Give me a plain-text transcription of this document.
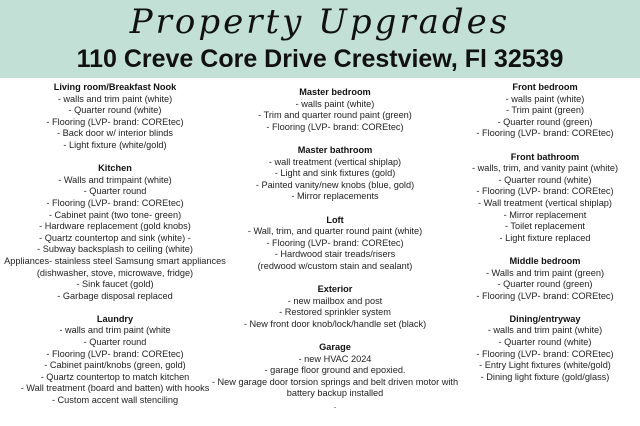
Property Upgrades
110 Creve Core Drive Crestview, Fl 32539
Living room/Breakfast Nook
- walls and trim paint (white)
- Quarter round (white)
- Flooring (LVP- brand: COREtec)
- Back door w/ interior blinds
- Light fixture (white/gold)
Kitchen
- Walls and trimpaint (white)
- Quarter round
- Flooring (LVP- brand: COREtec)
- Cabinet paint (two tone- green)
- Hardware replacement (gold knobs)
- Quartz countertop and sink (white) -
- Subway backsplash to ceiling (white)
Appliances- stainless steel Samsung smart appliances
(dishwasher, stove, microwave, fridge)
- Sink faucet (gold)
- Garbage disposal replaced
Laundry
- walls and trim paint (white
- Quarter round
- Flooring (LVP- brand: COREtec)
- Cabinet paint/knobs (green, gold)
- Quartz countertop to match kitchen
- Wall treatment (board and batten) with hooks
- Custom accent wall stenciling
Master bedroom
- walls paint (white)
- Trim and quarter round paint (green)
- Flooring (LVP- brand: COREtec)
Master bathroom
- wall treatment (vertical shiplap)
- Light and sink fixtures (gold)
- Painted vanity/new knobs (blue, gold)
- Mirror replacements
Loft
- Wall, trim, and quarter round paint (white)
- Flooring (LVP- brand: COREtec)
- Hardwood stair treads/risers
(redwood w/custom stain and sealant)
Exterior
- new mailbox and post
- Restored sprinkler system
- New front door knob/lock/handle set (black)
Garage
- new HVAC 2024
- garage floor ground and epoxied.
- New garage door torsion springs and belt driven motor with
battery backup installed
.
Front bedroom
- walls paint (white)
- Trim paint (green)
- Quarter round (green)
- Flooring (LVP- brand: COREtec)
Front bathroom
- walls, trim, and vanity paint (white)
- Quarter round (white)
- Flooring (LVP- brand: COREtec)
- Wall treatment (vertical shiplap)
- Mirror replacement
- Toilet replacement
- Light fixture replaced
Middle bedroom
- Walls and trim paint (green)
- Quarter round (green)
- Flooring (LVP- brand: COREtec)
Dining/entryway
- walls and trim paint (white)
- Quarter round (white)
- Flooring (LVP- brand: COREtec)
- Entry Light fixtures (white/gold)
- Dining light fixture (gold/glass)
